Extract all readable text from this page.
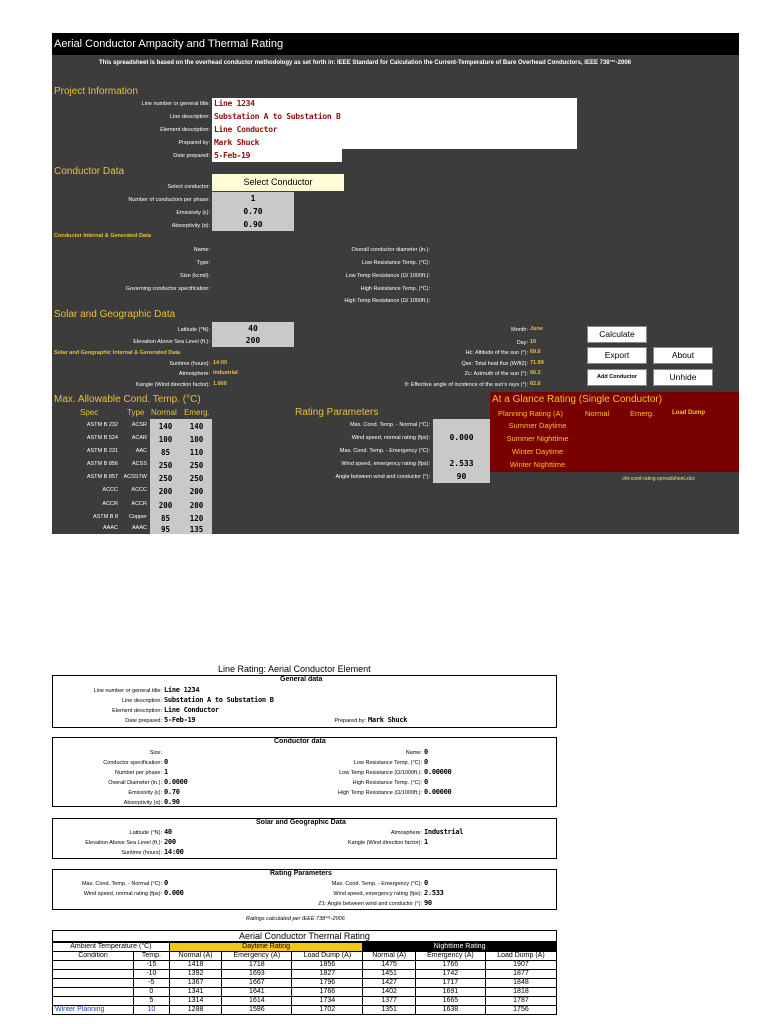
Aerial Conductor Ampacity and Thermal Rating
This spreadsheet is based on the overhead conductor methodology as set forth in: IEEE Standard for Calculation the Current-Temperature of Bare Overhead Conductors, IEEE 738™-2006
Project Information
Line number or general title: Line 1234
Line description: Substation A to Substation B
Element description: Line Conductor
Prepared by: Mark Shuck
Date prepared: 5-Feb-19
Conductor Data
Select conductor:	Select Conductor
Number of conductors per phase:	1
Emissivity (ε):	0.70
Absorptivity (α):	0.90
Conductor Internal & Generated Data
Name:
Type:
Size (kcmil):
Governing conductor specification:
Overall conductor diameter (in.):
Low Resistance Temp. (°C):
Low Temp Resistance (Ω/ 1000ft.):
High Resistance Temp. (°C):
High Temp Resistance (Ω/ 1000ft.):
Solar and Geographic Data
Latitude (°N):	40
Elevation Above Sea Level (ft.):	200
Solar and Geographic Internal & Generated Data
Suntime (hours): 14:00
Atmosphere: Industrial
Kangle (Wind direction factor): 1.000
Month: June
Day: 10
Hc: Altitude of the sun (°): 69.6
Qse: Total heat flux (W/ft2): 71.99
Zc: Azimuth of the sun (°): 66.2
θ: Effective angle of incidence of the sun's rays (°): 62.6
Calculate
Export	About
Add Conductor	Unhide
Max. Allowable Cond. Temp. (°C)
Spec	Type Normal Emerg.
ASTM B 232	ACSR	140	140
ASTM B 524	ACAR	100	100
ASTM B 231	AAC	85	110
ASTM B 856	ACSS	250	250
ASTM B 857 ACSSTW	250	250
ACCC	ACCC	200	200
ACCR	ACCR	200	200
ASTM B 8	Copper	85	120
AAAC	AAAC	95	135
Rating Parameters
Max. Cond. Temp. - Normal (°C):
Wind speed, normal rating (fps):	0.000
Max. Cond. Temp. - Emergency (°C):
Wind speed, emergency rating (fps):	2.533
Angle between wind and conductor (°):	90
At a Glance Rating (Single Conductor)
Planning Rating (A)	Normal	Emerg.	Load Dump
Summer Daytime
Summer Nighttime
Winter Daytime
Winter Nighttime
oht-cond-rating-spreadsheet.xlsx
Line Rating: Aerial Conductor Element
General data
Line number or general title: Line 1234
Line description: Substation A to Substation B
Element description: Line Conductor
Date prepared: 5-Feb-19	Prepared by: Mark Shuck
Conductor data
Size:
Conductor specification: 0
Number per phase: 1
Overall Diameter (in.): 0.0000
Emissivity (ε): 0.70
Absorptivity (α): 0.90
Name: 0
Low Resistance Temp. (°C): 0
Low Temp Resistance (Ω/1000ft.): 0.00000
High Resistance Temp. (°C): 0
High Temp Resistance (Ω/1000ft.): 0.00000
Solar and Geographic Data
Latitude (°N): 40
Elevation Above Sea Level (ft.): 200
Suntime (hours): 14:00
Atmosphere: Industrial
Kangle (Wind direction factor): 1
Rating Parameters
Max. Cond. Temp. - Normal (°C): 0
Wind speed, normal rating (fps): 0.000
Max. Cond. Temp. - Emergency (°C): 0
Wind speed, emergency rating (fps): 2.533
Z1: Angle between wind and conductor (°): 90
Ratings calculated per IEEE 738™-2006
Aerial Conductor Thermal Rating
Ambient Temperature (°C)		Daytime Rating			Nighttime Rating		
Condition	Temp.	Normal (A)	Emergency (A)	Load Dump (A)	Normal (A)	Emergency (A)	Load Dump (A)
	-15	1418	1718	1856	1475	1766	1907
	-10	1392	1693	1827	1451	1742	1877
	-5	1367	1667	1796	1427	1717	1848
	0	1341	1641	1766	1402	1691	1818
	5	1314	1614	1734	1377	1665	1787
Winter Planning	10	1288	1586	1702	1351	1638	1756
